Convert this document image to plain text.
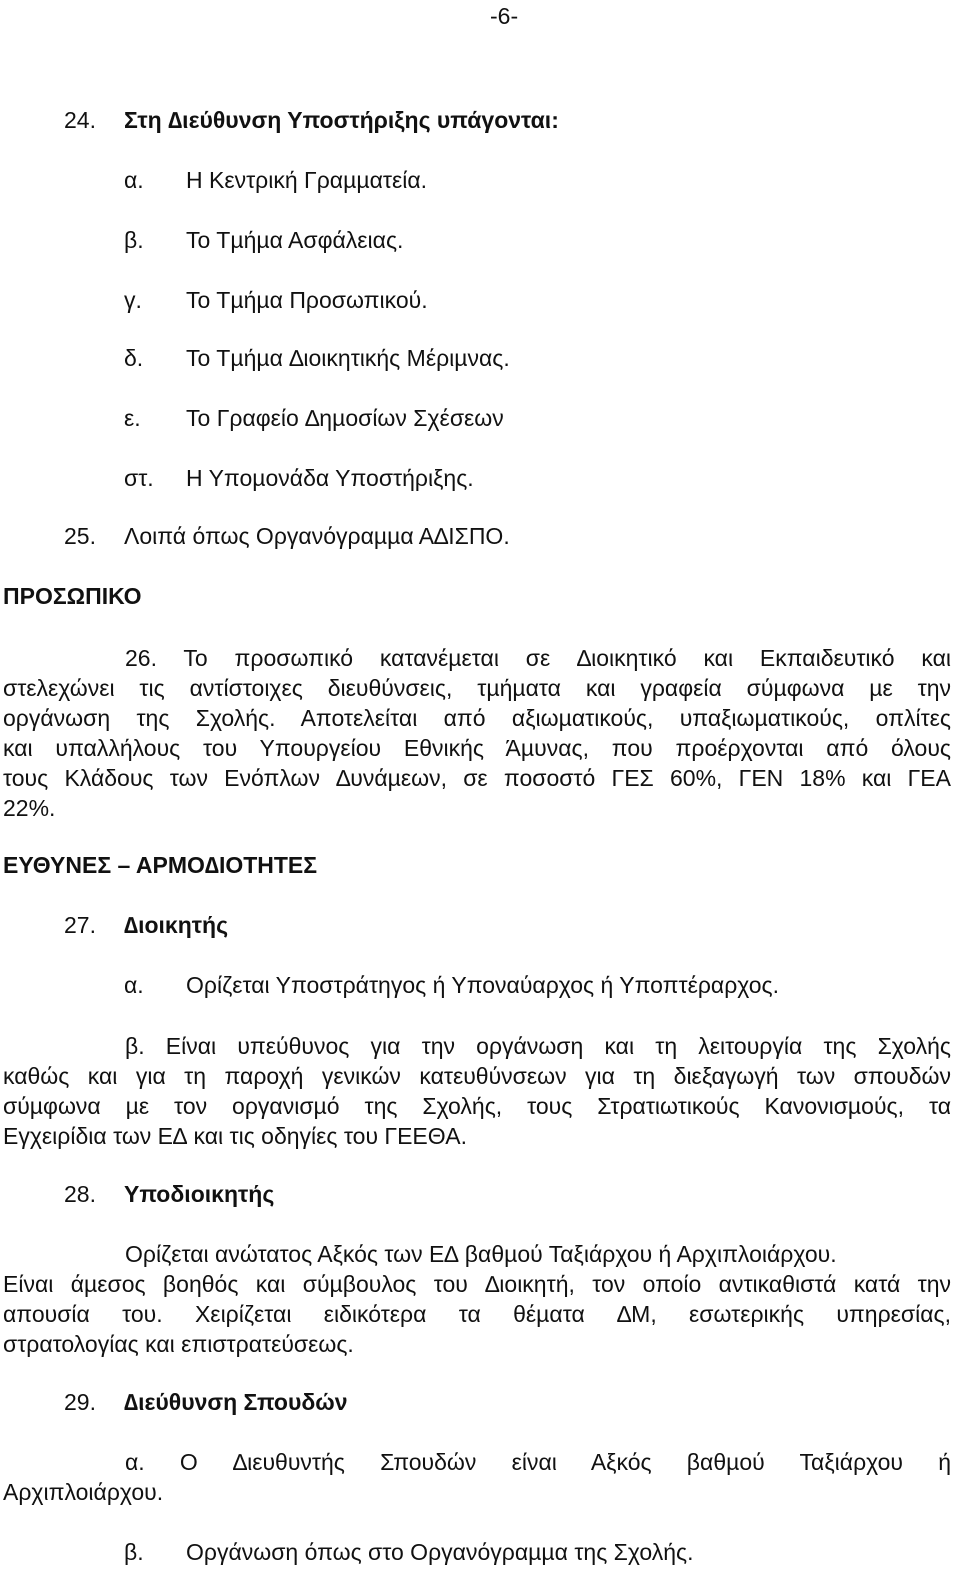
-6-
24. Στη ∆ιεύθυνση Υποστήριξης υπάγονται:
α. Η Κεντρική Γραµµατεία.
β. Το Τµήµα Ασφάλειας.
γ. Το Τµήµα Προσωπικού.
δ. Το Τµήµα ∆ιοικητικής Μέριµνας.
ε. Το Γραφείο ∆ηµοσίων Σχέσεων
στ. Η Υποµονάδα Υποστήριξης.
25. Λοιπά όπως Οργανόγραµµα Α∆ΙΣΠΟ.
ΠΡΟΣΩΠΙΚΟ
26. Το προσωπικό κατανέµεται σε ∆ιοικητικό και Εκπαιδευτικό και
στελεχώνει τις αντίστοιχες διευθύνσεις, τµήµατα και γραφεία σύµφωνα µε την
οργάνωση της Σχολής. Αποτελείται από αξιωµατικούς, υπαξιωµατικούς, οπλίτες
και υπαλλήλους του Υπουργείου Εθνικής Άµυνας, που προέρχονται από όλους
τους Κλάδους των Ενόπλων ∆υνάµεων, σε ποσοστό ΓΕΣ 60%, ΓΕΝ 18% και ΓΕΑ
22%.
ΕΥΘΥΝΕΣ – ΑΡΜΟ∆ΙΟΤΗΤΕΣ
27. ∆ιοικητής
α. Ορίζεται Υποστράτηγος ή Υποναύαρχος ή Υποπτέραρχος.
β. Είναι υπεύθυνος για την οργάνωση και τη λειτουργία της Σχολής
καθώς και για τη παροχή γενικών κατευθύνσεων για τη διεξαγωγή των σπουδών
σύµφωνα µε τον οργανισµό της Σχολής, τους Στρατιωτικούς Κανονισµούς, τα
Εγχειρίδια των Ε∆ και τις οδηγίες του ΓΕΕΘΑ.
28. Υποδιοικητής
Ορίζεται ανώτατος Αξκός των Ε∆ βαθµού Ταξιάρχου ή Αρχιπλοιάρχου.
Είναι άµεσος βοηθός και σύµβουλος του ∆ιοικητή, τον οποίο αντικαθιστά κατά την
απουσία του. Χειρίζεται ειδικότερα τα θέµατα ∆Μ, εσωτερικής υπηρεσίας,
στρατολογίας και επιστρατεύσεως.
29. ∆ιεύθυνση Σπουδών
α. Ο ∆ιευθυντής Σπουδών είναι Αξκός βαθµού Ταξιάρχου ή
Αρχιπλοιάρχου.
β. Οργάνωση όπως στο Οργανόγραµµα της Σχολής.
